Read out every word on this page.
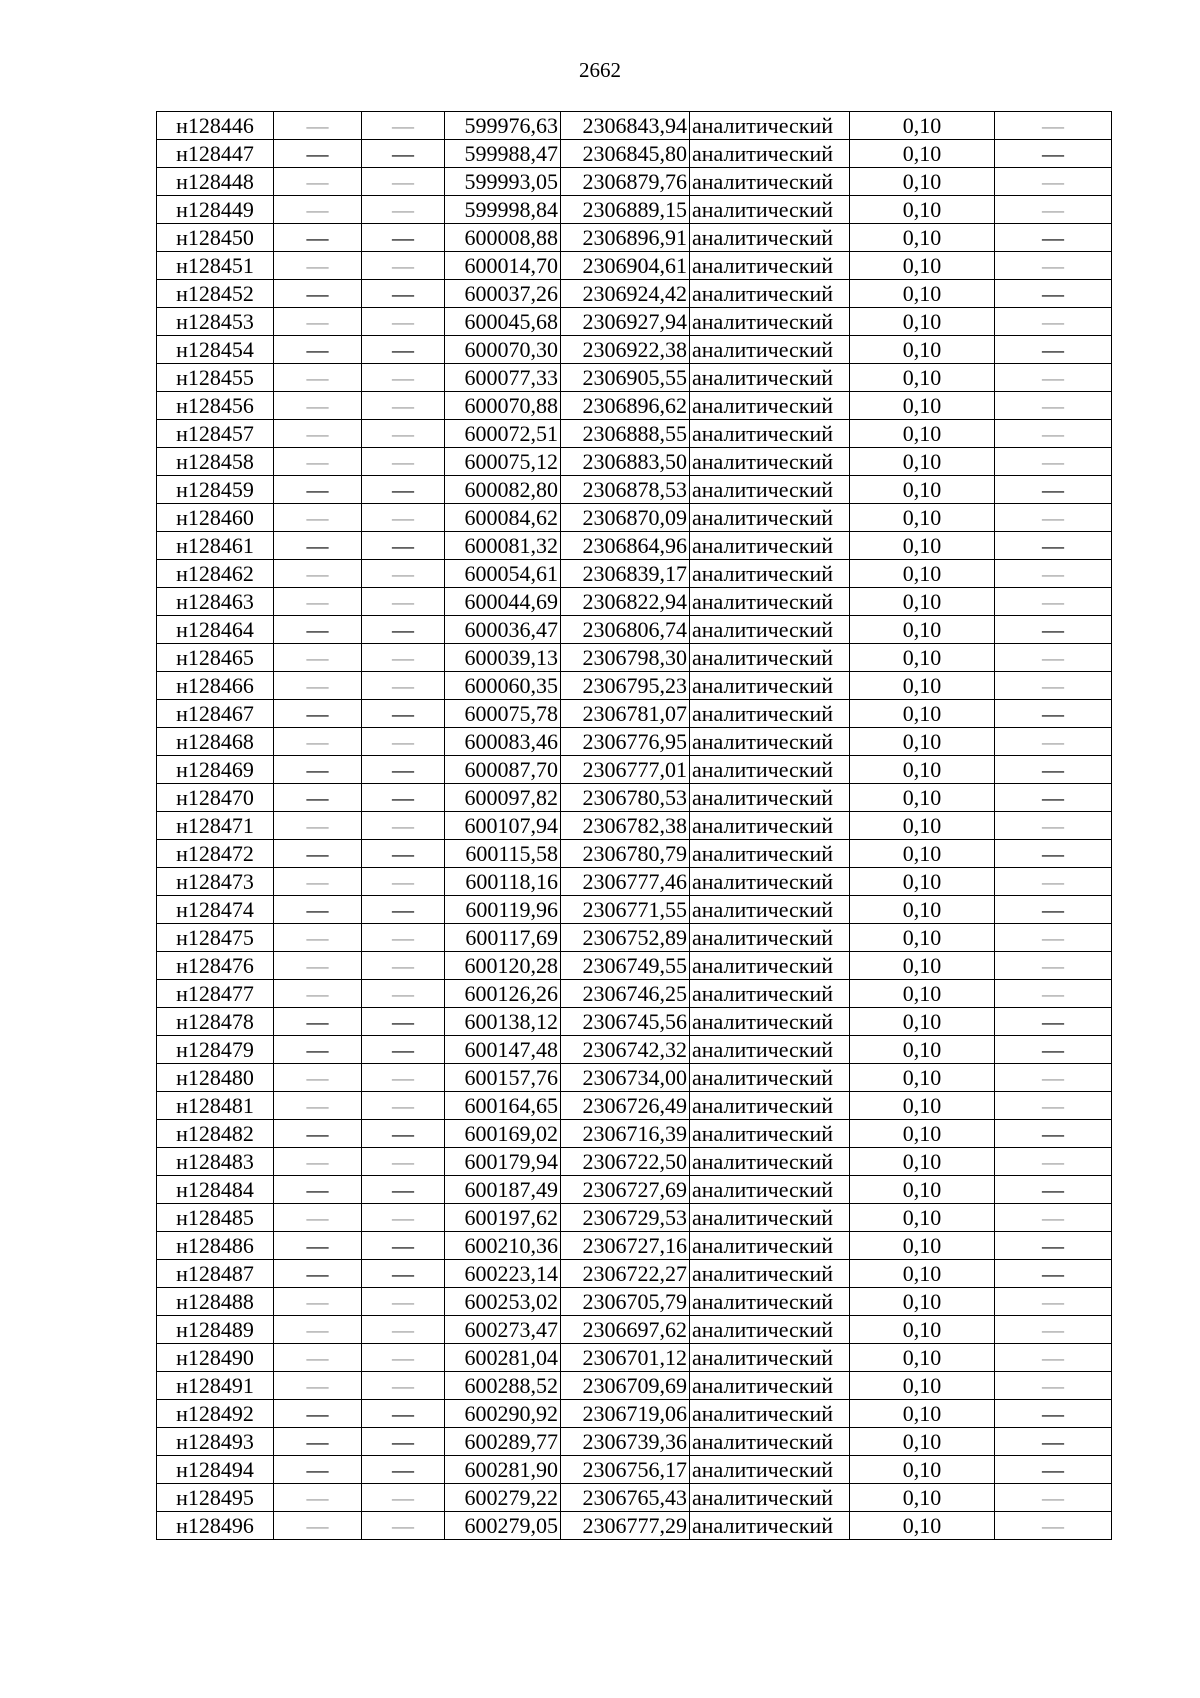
2662
н128446	—	—	599976,63	2306843,94	аналитический	0,10	—
н128447	—	—	599988,47	2306845,80	аналитический	0,10	—
н128448	—	—	599993,05	2306879,76	аналитический	0,10	—
н128449	—	—	599998,84	2306889,15	аналитический	0,10	—
н128450	—	—	600008,88	2306896,91	аналитический	0,10	—
н128451	—	—	600014,70	2306904,61	аналитический	0,10	—
н128452	—	—	600037,26	2306924,42	аналитический	0,10	—
н128453	—	—	600045,68	2306927,94	аналитический	0,10	—
н128454	—	—	600070,30	2306922,38	аналитический	0,10	—
н128455	—	—	600077,33	2306905,55	аналитический	0,10	—
н128456	—	—	600070,88	2306896,62	аналитический	0,10	—
н128457	—	—	600072,51	2306888,55	аналитический	0,10	—
н128458	—	—	600075,12	2306883,50	аналитический	0,10	—
н128459	—	—	600082,80	2306878,53	аналитический	0,10	—
н128460	—	—	600084,62	2306870,09	аналитический	0,10	—
н128461	—	—	600081,32	2306864,96	аналитический	0,10	—
н128462	—	—	600054,61	2306839,17	аналитический	0,10	—
н128463	—	—	600044,69	2306822,94	аналитический	0,10	—
н128464	—	—	600036,47	2306806,74	аналитический	0,10	—
н128465	—	—	600039,13	2306798,30	аналитический	0,10	—
н128466	—	—	600060,35	2306795,23	аналитический	0,10	—
н128467	—	—	600075,78	2306781,07	аналитический	0,10	—
н128468	—	—	600083,46	2306776,95	аналитический	0,10	—
н128469	—	—	600087,70	2306777,01	аналитический	0,10	—
н128470	—	—	600097,82	2306780,53	аналитический	0,10	—
н128471	—	—	600107,94	2306782,38	аналитический	0,10	—
н128472	—	—	600115,58	2306780,79	аналитический	0,10	—
н128473	—	—	600118,16	2306777,46	аналитический	0,10	—
н128474	—	—	600119,96	2306771,55	аналитический	0,10	—
н128475	—	—	600117,69	2306752,89	аналитический	0,10	—
н128476	—	—	600120,28	2306749,55	аналитический	0,10	—
н128477	—	—	600126,26	2306746,25	аналитический	0,10	—
н128478	—	—	600138,12	2306745,56	аналитический	0,10	—
н128479	—	—	600147,48	2306742,32	аналитический	0,10	—
н128480	—	—	600157,76	2306734,00	аналитический	0,10	—
н128481	—	—	600164,65	2306726,49	аналитический	0,10	—
н128482	—	—	600169,02	2306716,39	аналитический	0,10	—
н128483	—	—	600179,94	2306722,50	аналитический	0,10	—
н128484	—	—	600187,49	2306727,69	аналитический	0,10	—
н128485	—	—	600197,62	2306729,53	аналитический	0,10	—
н128486	—	—	600210,36	2306727,16	аналитический	0,10	—
н128487	—	—	600223,14	2306722,27	аналитический	0,10	—
н128488	—	—	600253,02	2306705,79	аналитический	0,10	—
н128489	—	—	600273,47	2306697,62	аналитический	0,10	—
н128490	—	—	600281,04	2306701,12	аналитический	0,10	—
н128491	—	—	600288,52	2306709,69	аналитический	0,10	—
н128492	—	—	600290,92	2306719,06	аналитический	0,10	—
н128493	—	—	600289,77	2306739,36	аналитический	0,10	—
н128494	—	—	600281,90	2306756,17	аналитический	0,10	—
н128495	—	—	600279,22	2306765,43	аналитический	0,10	—
н128496	—	—	600279,05	2306777,29	аналитический	0,10	—
